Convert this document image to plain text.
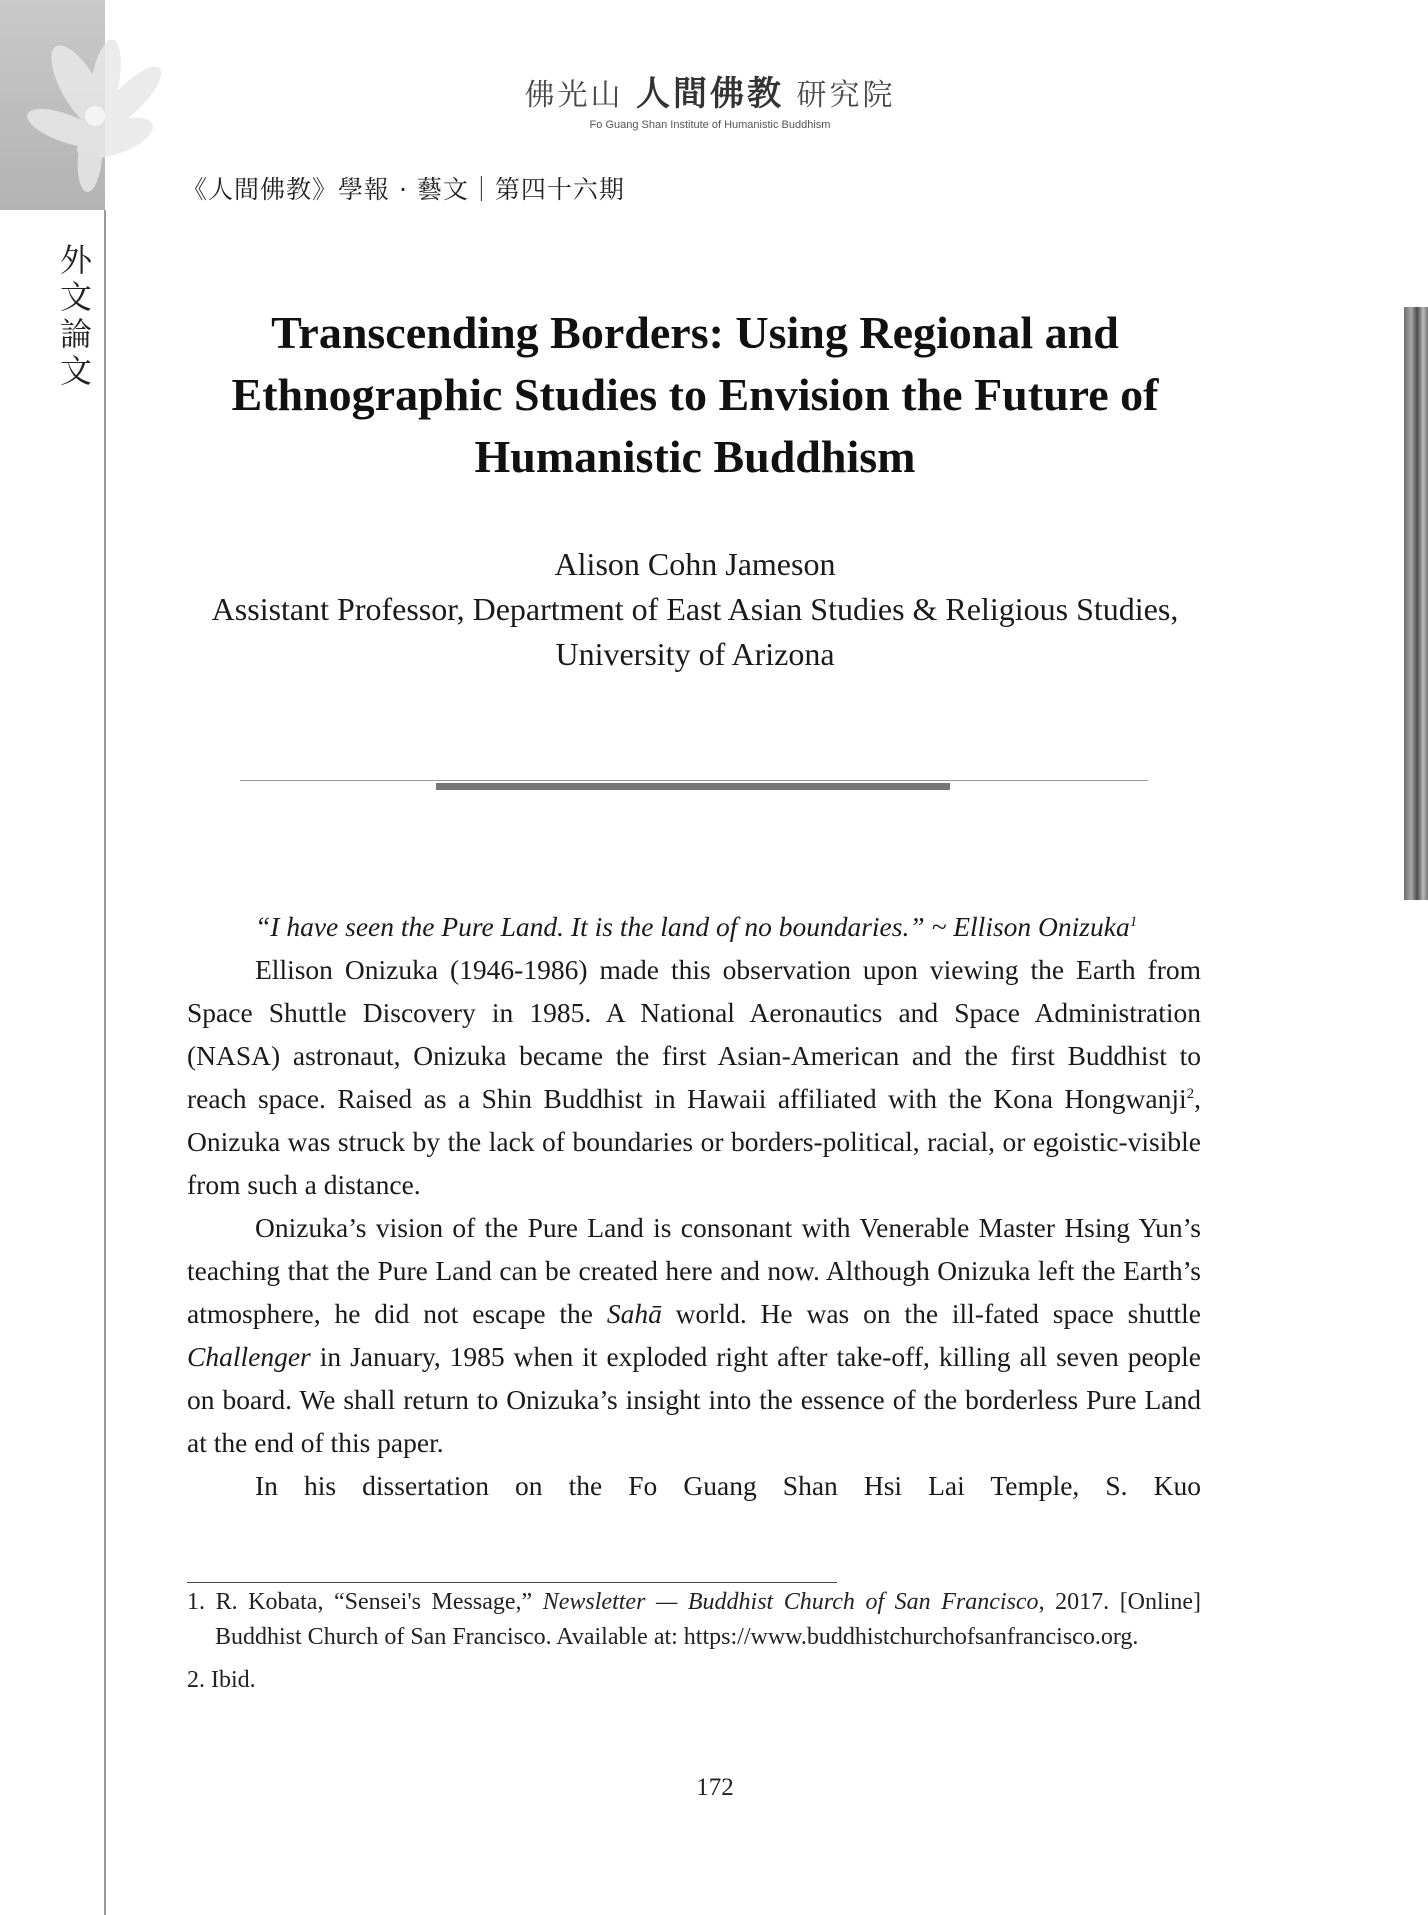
外
文
論
文
佛光山 人間佛教 研究院
Fo Guang Shan Institute of Humanistic Buddhism
《人間佛教》學報 · 藝文｜第四十六期
Transcending Borders: Using Regional and Ethnographic Studies to Envision the Future of Humanistic Buddhism
Alison Cohn Jameson
Assistant Professor, Department of East Asian Studies & Religious Studies, University of Arizona

“I have seen the Pure Land. It is the land of no boundaries.” ~ Ellison Onizuka$^1$

Ellison Onizuka (1946-1986) made this observation upon viewing the Earth from Space Shuttle Discovery in 1985. A National Aeronautics and Space Administration (NASA) astronaut, Onizuka became the first Asian-American and the first Buddhist to reach space. Raised as a Shin Buddhist in Hawaii affiliated with the Kona Hongwanji$^2$, Onizuka was struck by the lack of boundaries or borders-political, racial, or egoistic-visible from such a distance.

Onizuka’s vision of the Pure Land is consonant with Venerable Master Hsing Yun’s teaching that the Pure Land can be created here and now. Although Onizuka left the Earth’s atmosphere, he did not escape the Sahā world. He was on the ill-fated space shuttle Challenger in January, 1985 when it exploded right after take-off, killing all seven people on board. We shall return to Onizuka’s insight into the essence of the borderless Pure Land at the end of this paper.

In his dissertation on the Fo Guang Shan Hsi Lai Temple, S. Kuo

1. R. Kobata, “Sensei's Message,” Newsletter — Buddhist Church of San Francisco, 2017. [Online] Buddhist Church of San Francisco. Available at: https://www.buddhistchurchofsanfrancisco.org.
2. Ibid.
172
